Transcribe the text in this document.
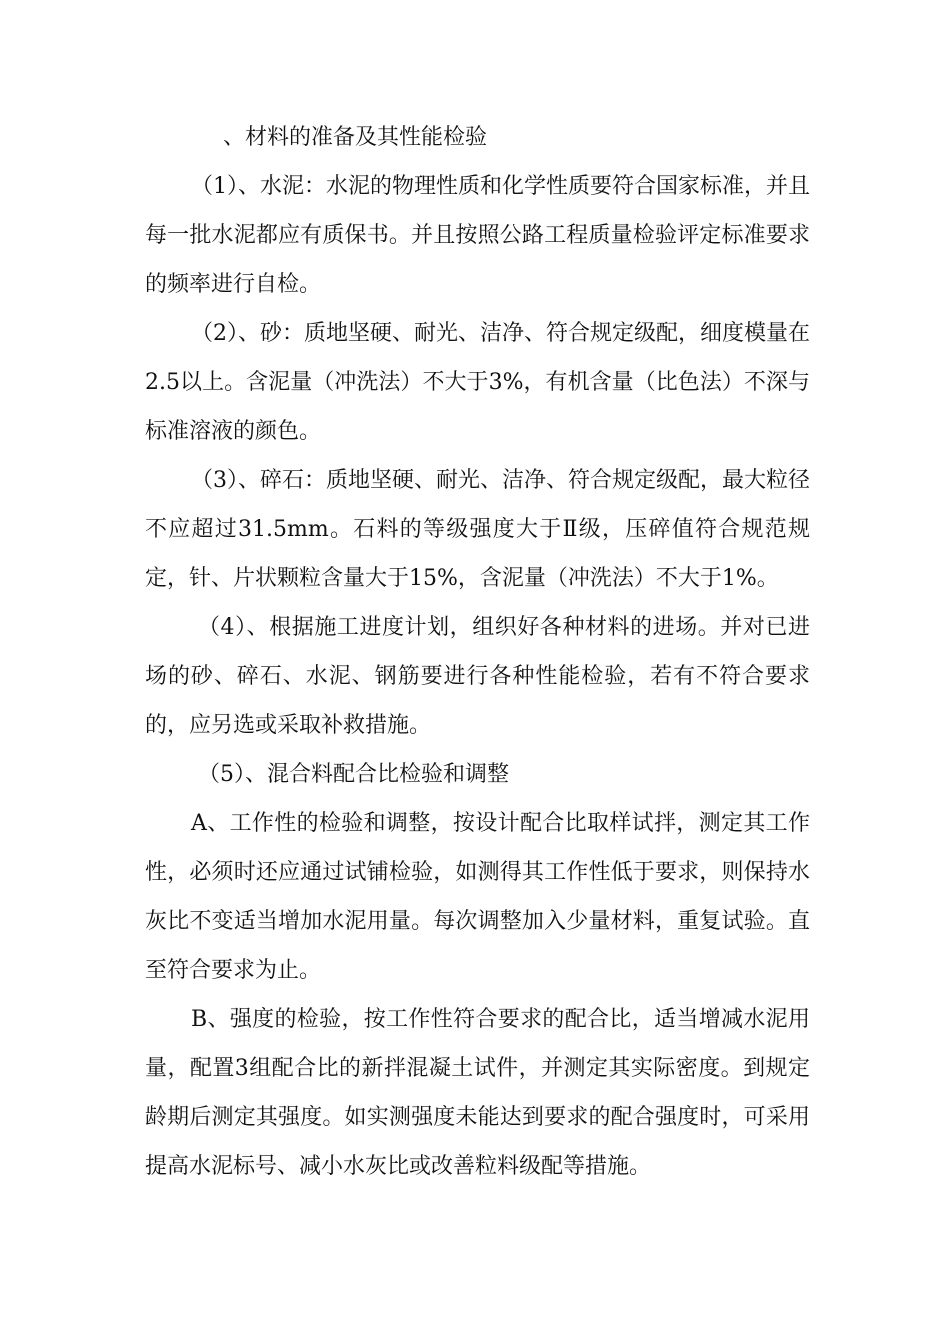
、材料的准备及其性能检验

（1）、水泥：水泥的物理性质和化学性质要符合国家标准，并且每一批水泥都应有质保书。并且按照公路工程质量检验评定标准要求的频率进行自检。

（2）、砂：质地坚硬、耐光、洁净、符合规定级配，细度模量在2.5以上。含泥量（冲洗法）不大于3%，有机含量（比色法）不深与标准溶液的颜色。

（3）、碎石：质地坚硬、耐光、洁净、符合规定级配，最大粒径不应超过31.5mm。石料的等级强度大于Ⅱ级，压碎值符合规范规定，针、片状颗粒含量大于15%，含泥量（冲洗法）不大于1%。

（4）、根据施工进度计划，组织好各种材料的进场。并对已进场的砂、碎石、水泥、钢筋要进行各种性能检验，若有不符合要求的，应另选或采取补救措施。

（5）、混合料配合比检验和调整

A、工作性的检验和调整，按设计配合比取样试拌，测定其工作性，必须时还应通过试铺检验，如测得其工作性低于要求，则保持水灰比不变适当增加水泥用量。每次调整加入少量材料，重复试验。直至符合要求为止。

B、强度的检验，按工作性符合要求的配合比，适当增减水泥用量，配置3组配合比的新拌混凝土试件，并测定其实际密度。到规定龄期后测定其强度。如实测强度未能达到要求的配合强度时，可采用提高水泥标号、减小水灰比或改善粒料级配等措施。
